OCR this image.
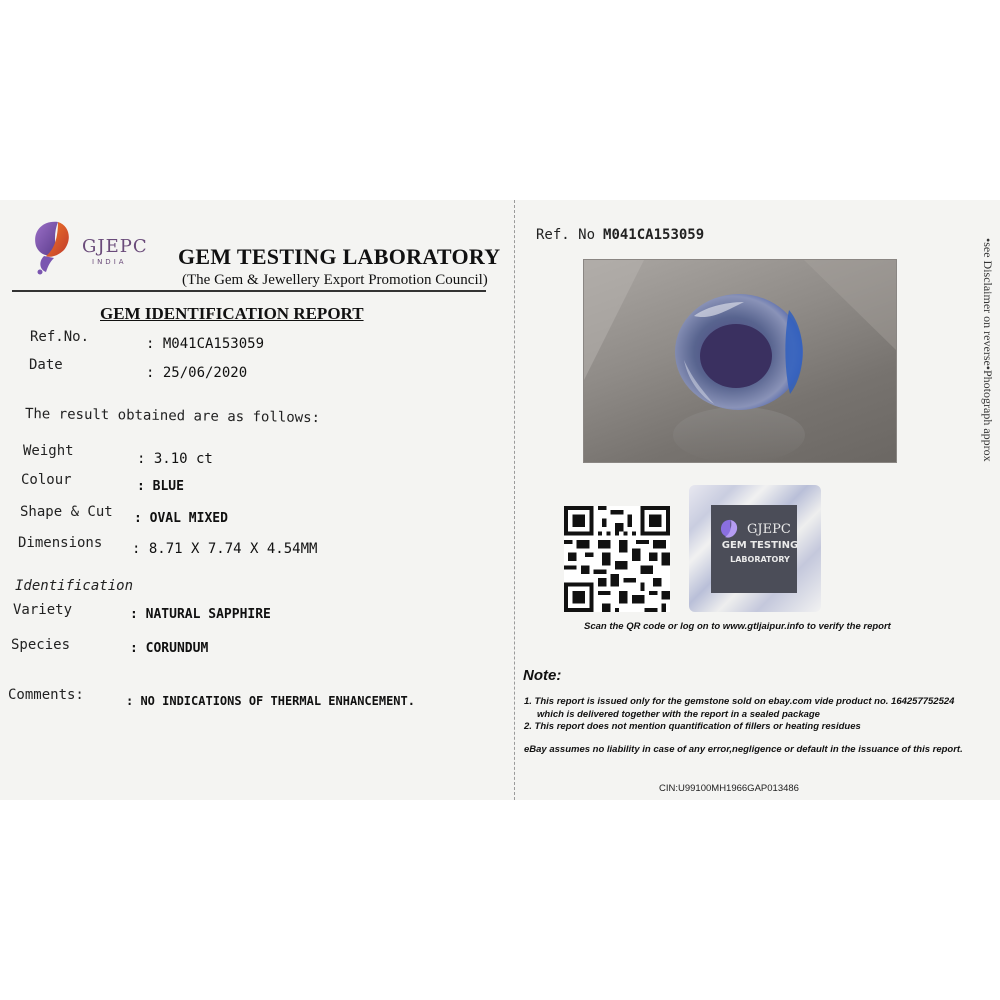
GJEPC
INDIA GEM TESTING LABORATORY
(The Gem & Jewellery Export Promotion Council)
GEM IDENTIFICATION REPORT
Ref.No.	: M041CA153059
Date	: 25/06/2020
The result obtained are as follows:
Weight	: 3.10 ct
Colour	: BLUE
Shape & Cut : OVAL MIXED
Dimensions : 8.71 X 7.74 X 4.54MM
Identification
Variety	: NATURAL SAPPHIRE
Species	: CORUNDUM
Comments:	: NO INDICATIONS OF THERMAL ENHANCEMENT.
Ref. No M041CA153059
GJEPC
GEM TESTING
LABORATORY
Scan the QR code or log on to www.gtljaipur.info to verify the report
Note:
1. This report is issued only for the gemstone sold on ebay.com vide product no. 164257752524
which is delivered together with the report in a sealed package
2. This report does not mention quantification of fillers or heating residues
eBay assumes no liability in case of any error,negligence or default in the issuance of this report.
CIN:U99100MH1966GAP013486
•see Disclaimer on reverse•Photograph approx
